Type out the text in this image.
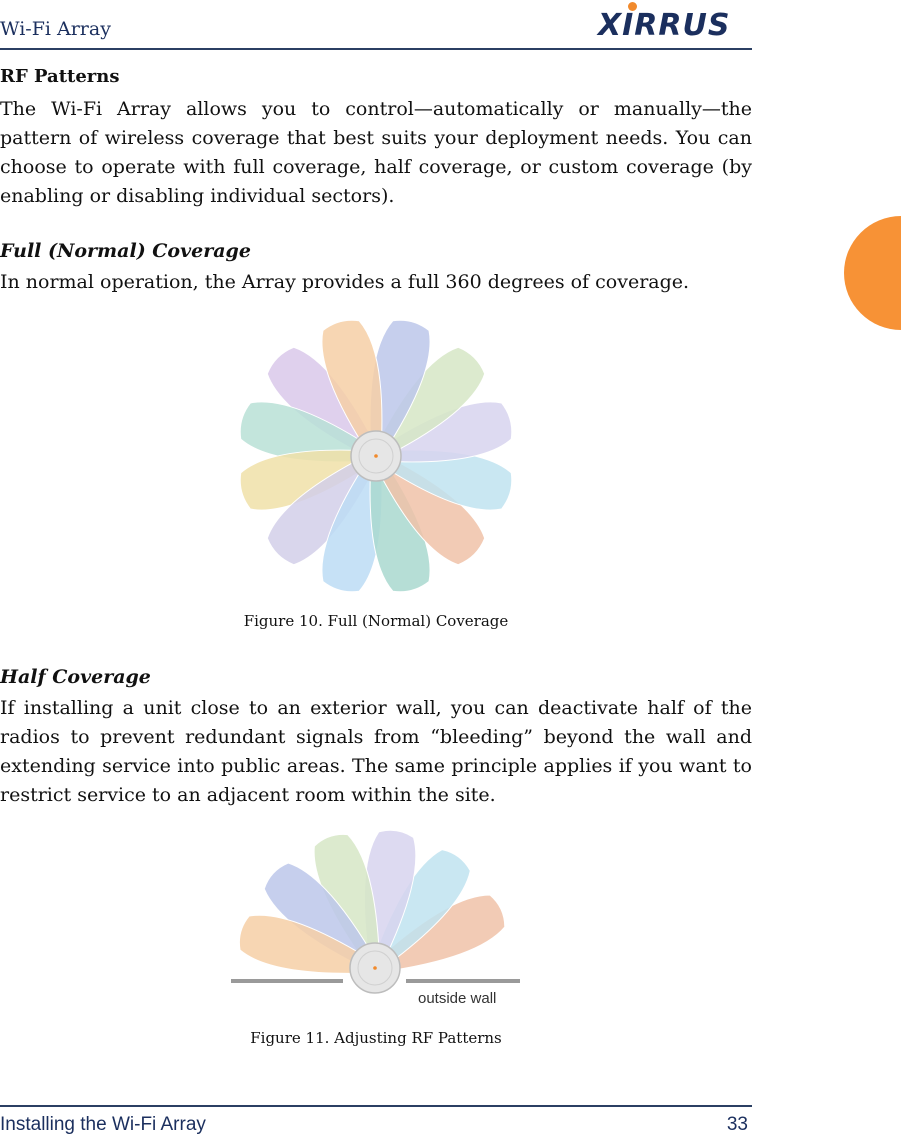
Wi-Fi Array	XIRRUS
RF Patterns
The Wi-Fi Array allows you to control—automatically or manually—the pattern of wireless coverage that best suits your deployment needs. You can choose to operate with full coverage, half coverage, or custom coverage (by enabling or disabling individual sectors).
Full (Normal) Coverage
In normal operation, the Array provides a full 360 degrees of coverage.
Figure 10. Full (Normal) Coverage
Half Coverage
If installing a unit close to an exterior wall, you can deactivate half of the radios to prevent redundant signals from “bleeding” beyond the wall and extending service into public areas. The same principle applies if you want to restrict service to an adjacent room within the site.
outside wall
Figure 11. Adjusting RF Patterns
Installing the Wi-Fi Array	33
